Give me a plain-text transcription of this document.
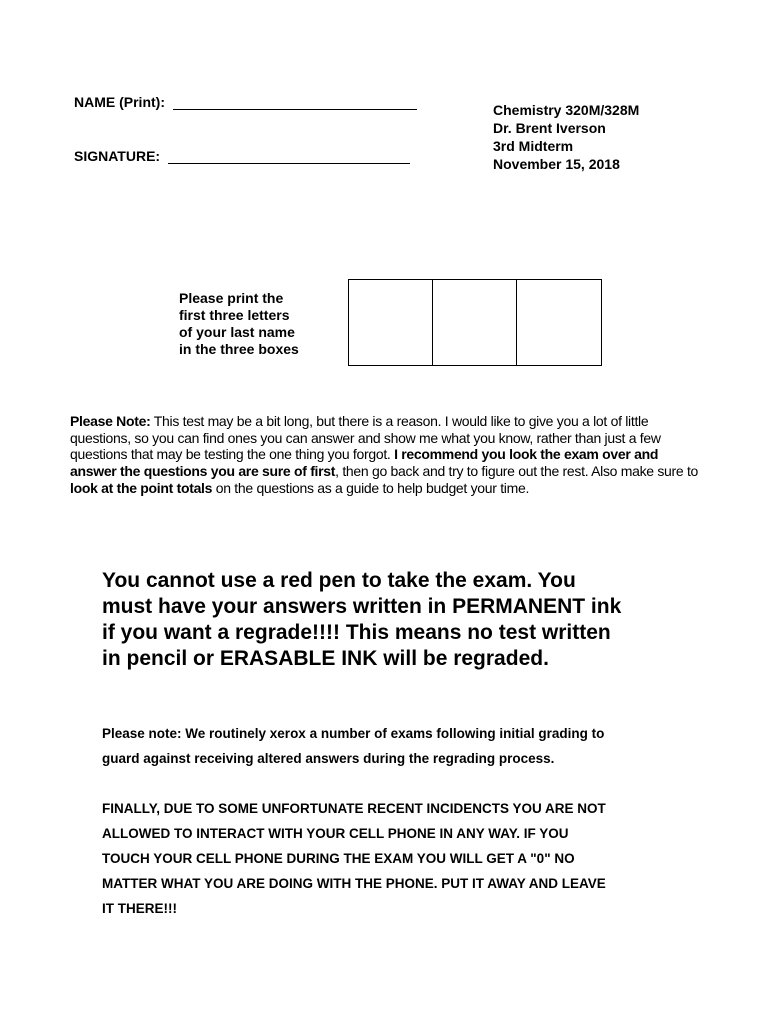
NAME (Print):
SIGNATURE:
Chemistry 320M/328M
Dr. Brent Iverson
3rd Midterm
November 15, 2018
Please print the
first three letters
of your last name
in the three boxes
Please Note: This test may be a bit long, but there is a reason. I would like to give you a lot of little questions, so you can find ones you can answer and show me what you know, rather than just a few questions that may be testing the one thing you forgot. I recommend you look the exam over and answer the questions you are sure of first, then go back and try to figure out the rest. Also make sure to look at the point totals on the questions as a guide to help budget your time.
You cannot use a red pen to take the exam. You
must have your answers written in PERMANENT ink
if you want a regrade!!!! This means no test written
in pencil or ERASABLE INK will be regraded.
Please note: We routinely xerox a number of exams following initial grading to
guard against receiving altered answers during the regrading process.
FINALLY, DUE TO SOME UNFORTUNATE RECENT INCIDENCTS YOU ARE NOT
ALLOWED TO INTERACT WITH YOUR CELL PHONE IN ANY WAY. IF YOU
TOUCH YOUR CELL PHONE DURING THE EXAM YOU WILL GET A "0" NO
MATTER WHAT YOU ARE DOING WITH THE PHONE. PUT IT AWAY AND LEAVE
IT THERE!!!
